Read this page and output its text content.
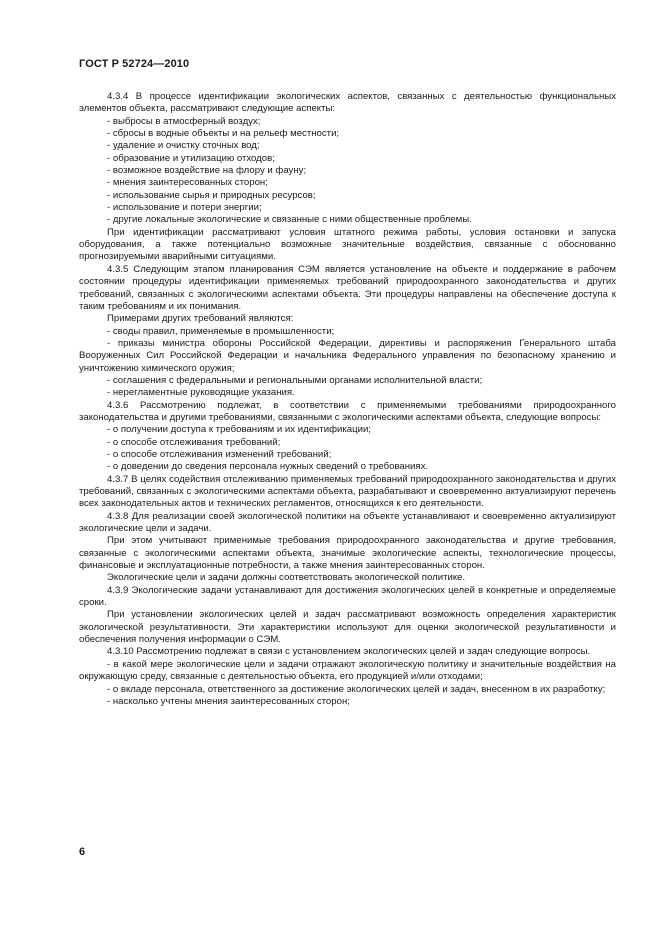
ГОСТ Р 52724—2010

4.3.4 В процессе идентификации экологических аспектов, связанных с деятельностью функциональных элементов объекта, рассматривают следующие аспекты:

- выбросы в атмосферный воздух;

- сбросы в водные объекты и на рельеф местности;

- удаление и очистку сточных вод;

- образование и утилизацию отходов;

- возможное воздействие на флору и фауну;

- мнения заинтересованных сторон;

- использование сырья и природных ресурсов;

- использование и потери энергии;

- другие локальные экологические и связанные с ними общественные проблемы.

При идентификации рассматривают условия штатного режима работы, условия остановки и запуска оборудования, а также потенциально возможные значительные воздействия, связанные с обоснованно прогнозируемыми аварийными ситуациями.

4.3.5 Следующим этапом планирования СЭМ является установление на объекте и поддержание в рабочем состоянии процедуры идентификации применяемых требований природоохранного законодательства и других требований, связанных с экологическими аспектами объекта. Эти процедуры направлены на обеспечение доступа к таким требованиям и их понимания.

Примерами других требований являются:

- своды правил, применяемые в промышленности;

- приказы министра обороны Российской Федерации, директивы и распоряжения Генерального штаба Вооруженных Сил Российской Федерации и начальника Федерального управления по безопасному хранению и уничтожению химического оружия;

- соглашения с федеральными и региональными органами исполнительной власти;

- нерегламентные руководящие указания.

4.3.6 Рассмотрению подлежат, в соответствии с применяемыми требованиями природоохранного законодательства и другими требованиями, связанными с экологическими аспектами объекта, следующие вопросы:

- о получении доступа к требованиям и их идентификации;

- о способе отслеживания требований;

- о способе отслеживания изменений требований;

- о доведении до сведения персонала нужных сведений о требованиях.

4.3.7 В целях содействия отслеживанию применяемых требований природоохранного законодательства и других требований, связанных с экологическими аспектами объекта, разрабатывают и своевременно актуализируют перечень всех законодательных актов и технических регламентов, относящихся к его деятельности.

4.3.8 Для реализации своей экологической политики на объекте устанавливают и своевременно актуализируют экологические цели и задачи.

При этом учитывают применимые требования природоохранного законодательства и другие требования, связанные с экологическими аспектами объекта, значимые экологические аспекты, технологические процессы, финансовые и эксплуатационные потребности, а также мнения заинтересованных сторон.

Экологические цели и задачи должны соответствовать экологической политике.

4.3.9 Экологические задачи устанавливают для достижения экологических целей в конкретные и определяемые сроки.

При установлении экологических целей и задач рассматривают возможность определения характеристик экологической результативности. Эти характеристики используют для оценки экологической результативности и обеспечения получения информации о СЭМ.

4.3.10 Рассмотрению подлежат в связи с установлением экологических целей и задач следующие вопросы.

- в какой мере экологические цели и задачи отражают экологическую политику и значительные воздействия на окружающую среду, связанные с деятельностью объекта, его продукцией и/или отходами;

- о вкладе персонала, ответственного за достижение экологических целей и задач, внесенном в их разработку;

- насколько учтены мнения заинтересованных сторон;

6
